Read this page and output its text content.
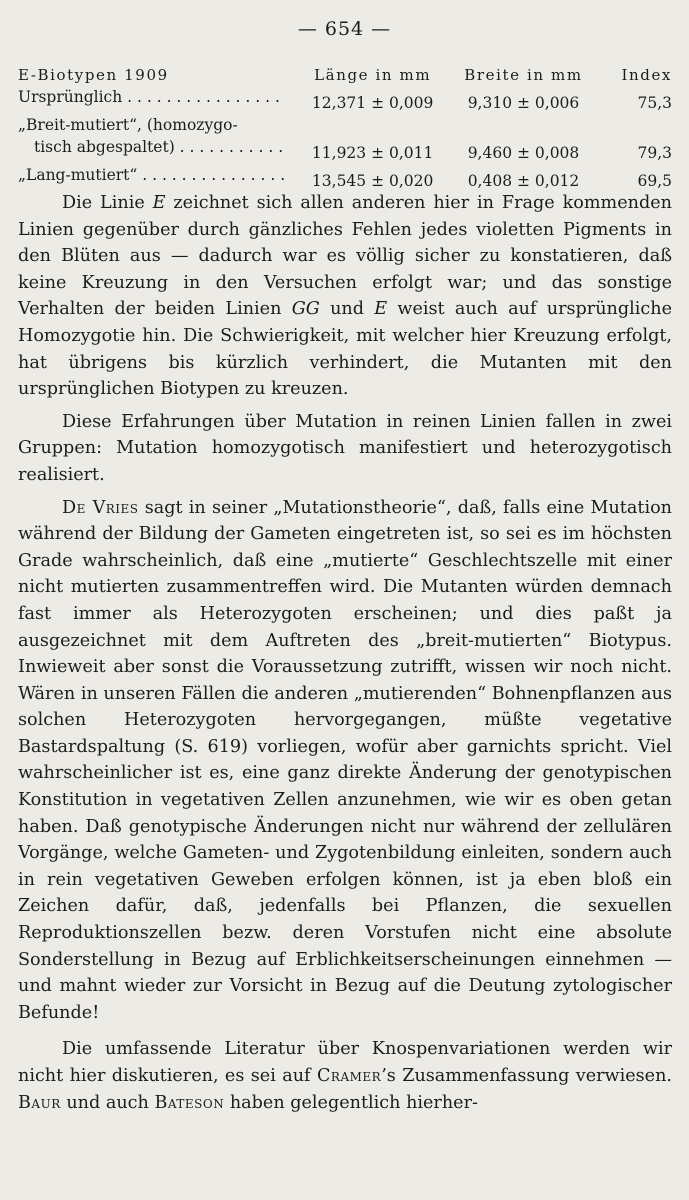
— 654 —
E-Biotypen 1909	Länge in mm	Breite in mm	Index
Ursprünglich . . .	12,371 ± 0,009	9,310 ± 0,006	75,3
„Breit-mutiert“, (homozygo-			
tisch abgespaltet) . . .	11,923 ± 0,011	9,460 ± 0,008	79,3
„Lang-mutiert“ . . .	13,545 ± 0,020	0,408 ± 0,012	69,5

Die Linie E zeichnet sich allen anderen hier in Frage kommenden Linien gegenüber durch gänzliches Fehlen jedes violetten Pigments in den Blüten aus — dadurch war es völlig sicher zu konstatieren, daß keine Kreuzung in den Versuchen erfolgt war; und das sonstige Verhalten der beiden Linien GG und E weist auch auf ursprüngliche Homozygotie hin. Die Schwierigkeit, mit welcher hier Kreuzung erfolgt, hat übrigens bis kürzlich verhindert, die Mutanten mit den ursprünglichen Biotypen zu kreuzen.

Diese Erfahrungen über Mutation in reinen Linien fallen in zwei Gruppen: Mutation homozygotisch manifestiert und heterozygotisch realisiert.

De Vries sagt in seiner „Mutationstheorie“, daß, falls eine Mutation während der Bildung der Gameten eingetreten ist, so sei es im höchsten Grade wahrscheinlich, daß eine „mutierte“ Geschlechtszelle mit einer nicht mutierten zusammentreffen wird. Die Mutanten würden demnach fast immer als Heterozygoten erscheinen; und dies paßt ja ausgezeichnet mit dem Auftreten des „breit-mutierten“ Biotypus. Inwieweit aber sonst die Voraussetzung zutrifft, wissen wir noch nicht. Wären in unseren Fällen die anderen „mutierenden“ Bohnenpflanzen aus solchen Heterozygoten hervorgegangen, müßte vegetative Bastardspaltung (S. 619) vorliegen, wofür aber garnichts spricht. Viel wahrscheinlicher ist es, eine ganz direkte Änderung der genotypischen Konstitution in vegetativen Zellen anzunehmen, wie wir es oben getan haben. Daß genotypische Änderungen nicht nur während der zellulären Vorgänge, welche Gameten- und Zygotenbildung einleiten, sondern auch in rein vegetativen Geweben erfolgen können, ist ja eben bloß ein Zeichen dafür, daß, jedenfalls bei Pflanzen, die sexuellen Reproduktionszellen bezw. deren Vorstufen nicht eine absolute Sonderstellung in Bezug auf Erblichkeitserscheinungen einnehmen — und mahnt wieder zur Vorsicht in Bezug auf die Deutung zytologischer Befunde!

Die umfassende Literatur über Knospenvariationen werden wir nicht hier diskutieren, es sei auf Cramer’s Zusammenfassung verwiesen. Baur und auch Bateson haben gelegentlich hierher-
